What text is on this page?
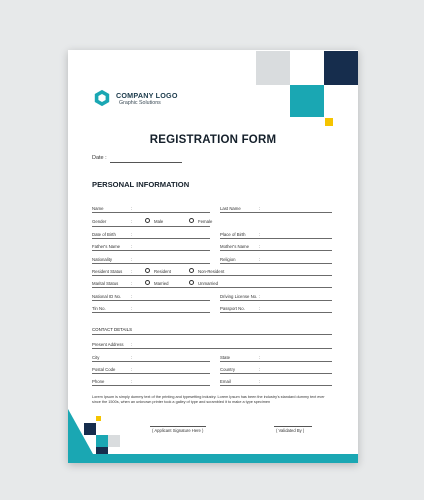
COMPANY LOGO
Graphic Solutions
REGISTRATION FORM
Date :
PERSONAL INFORMATION
Name	:	Last Name	:
Gender	:	Male	Female
Date of Birth	:	Place of Birth	:
Father's Name	:	Mother's Name :
Nationality	:	Religion	:
Resident Status :	Resident	Non-Resident
Marital Status	:	Married	Unmarried
National ID No. :	Driving License No. :
Tin No.	:	Passport No.	:
CONTACT DETAILS
Present Address :
City	:	State	:
Postal Code	:	Country	:
Phone	:	Email	:
Lorem Ipsum is simply dummy text of the printing and typesetting industry. Lorem Ipsum has been the industry's standard dummy text ever since the 1500s, when an unknown printer took a galley of type and scrambled it to make a type specimen
( Applicant Signature Here )	( Validated By )
